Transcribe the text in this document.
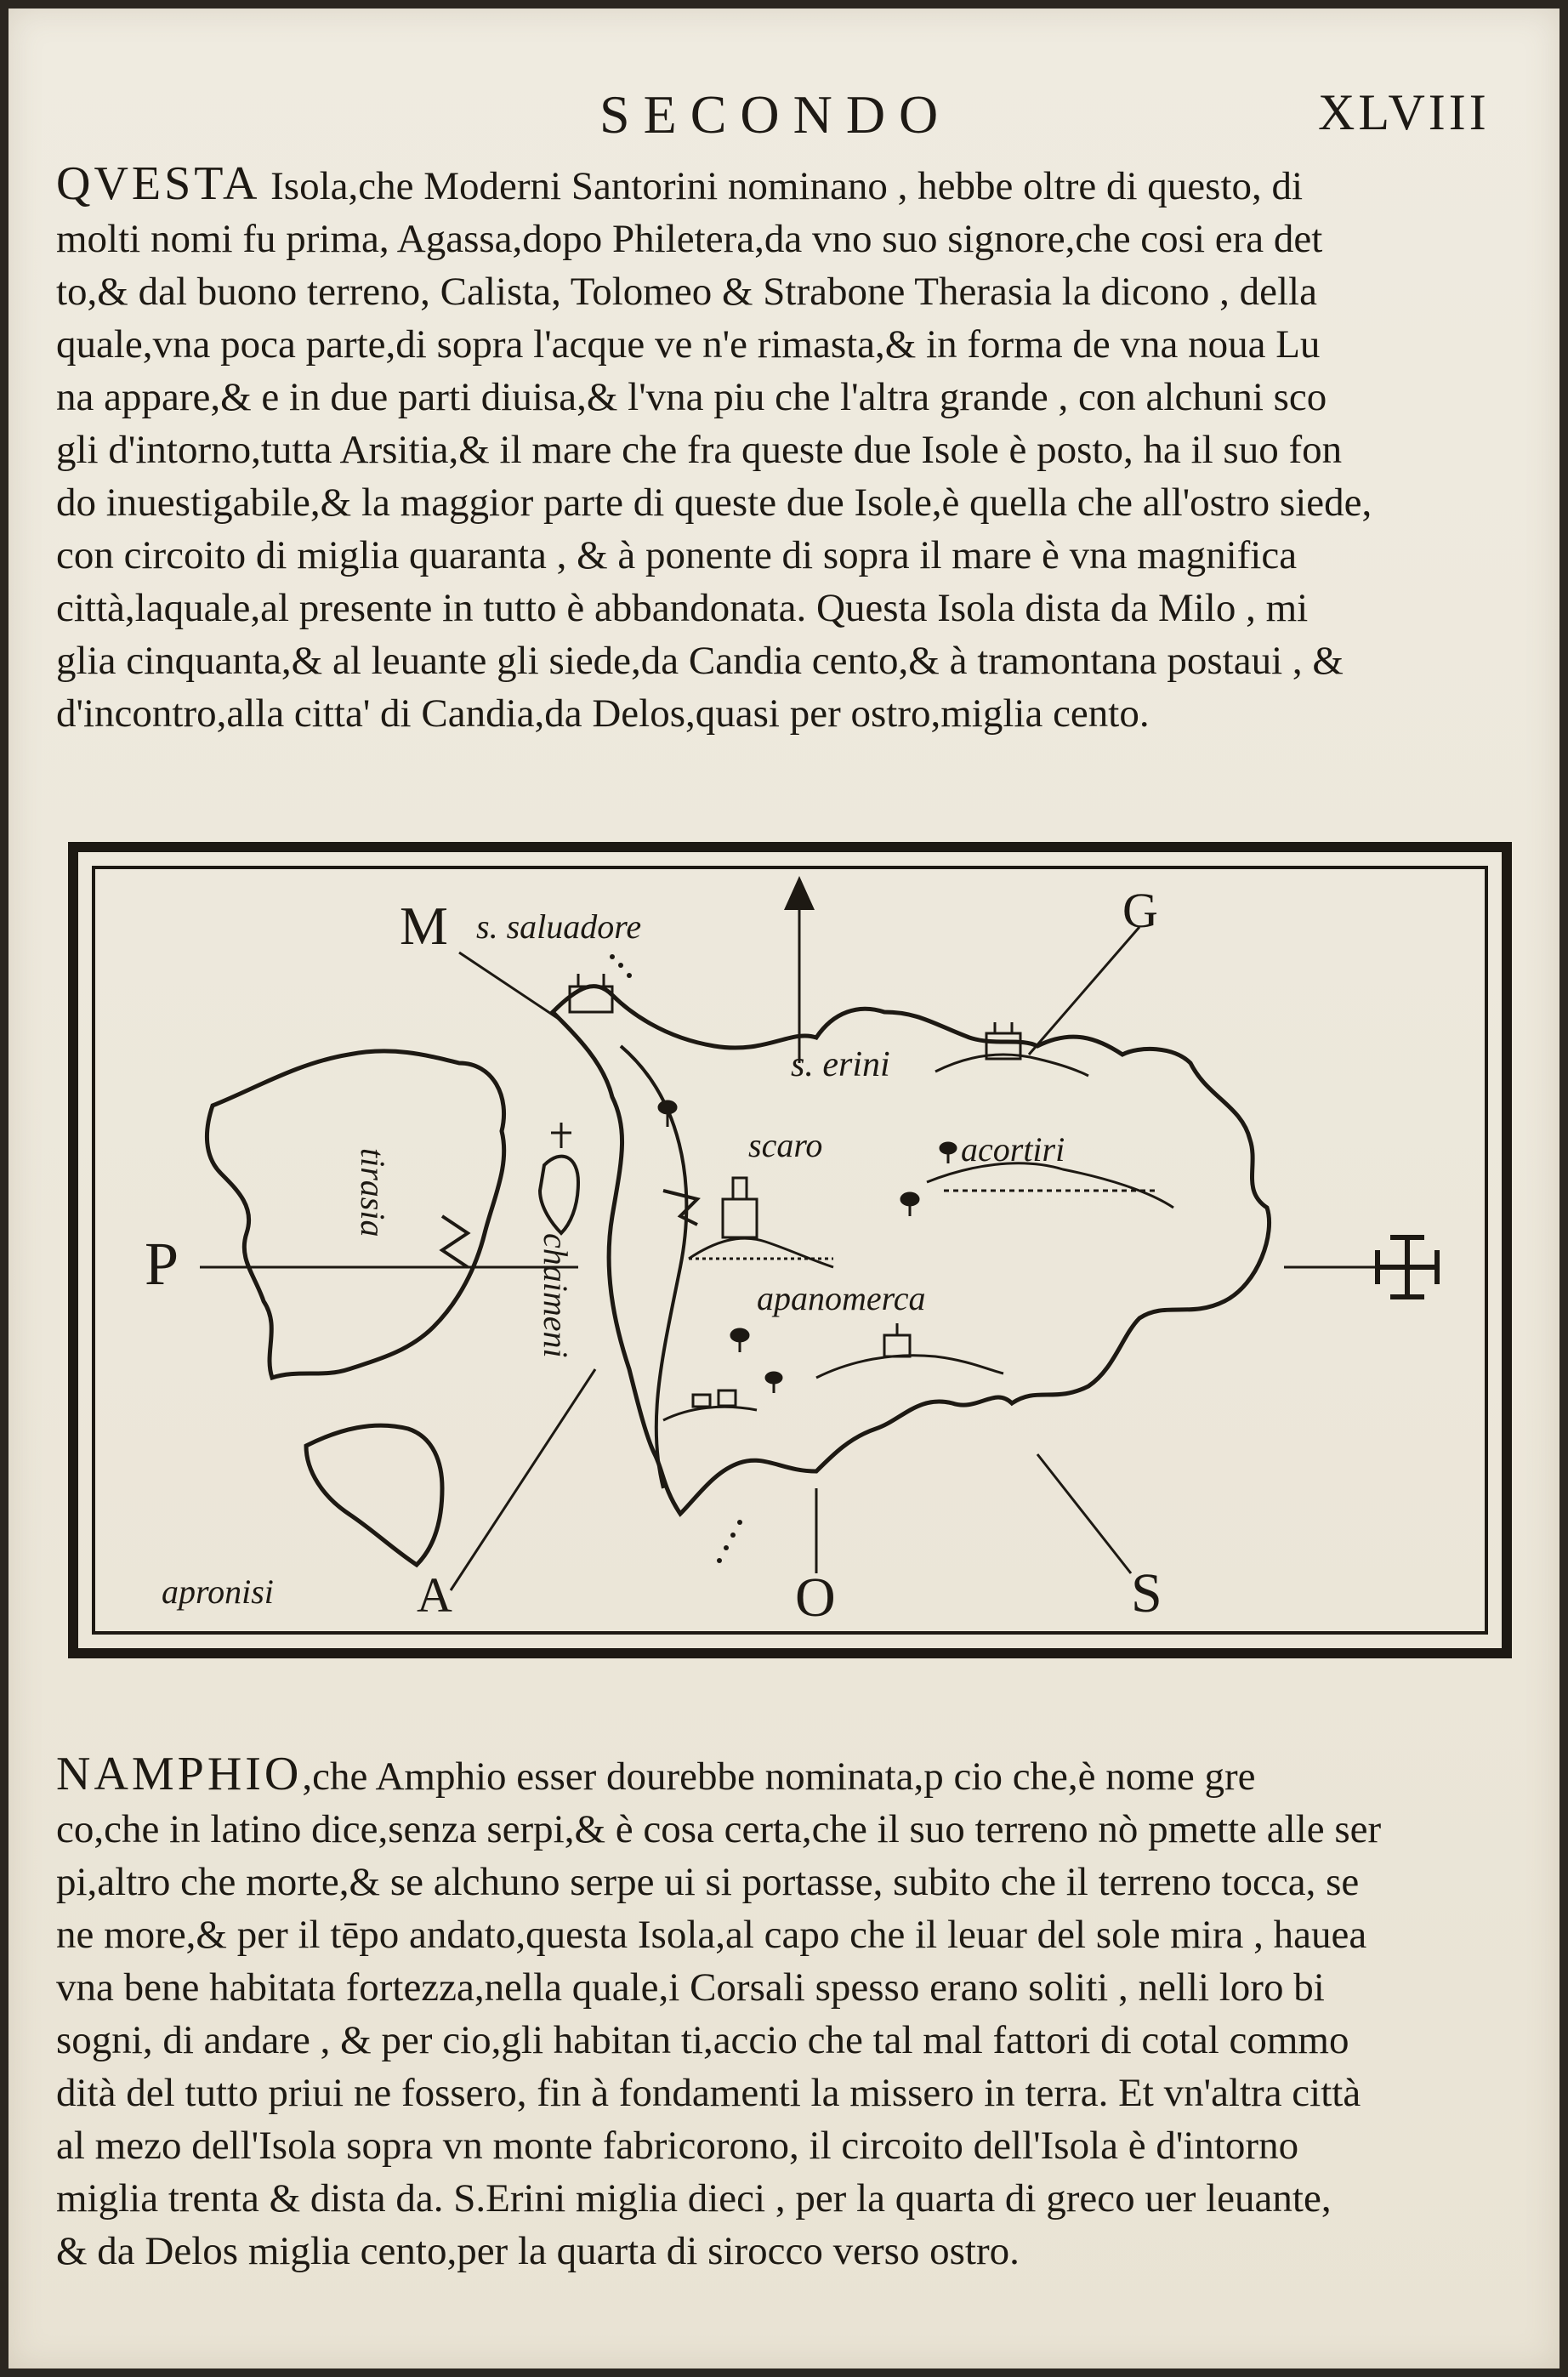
SECONDO	XLVIII
QVESTA Isola,che Moderni Santorini nominano , hebbe oltre di questo, di
molti nomi fu prima, Agassa,dopo Philetera,da vno suo signore,che cosi era det
to,& dal buono terreno, Calista, Tolomeo & Strabone Therasia la dicono , della
quale,vna poca parte,di sopra l'acque ve n'e rimasta,& in forma de vna noua Lu
na appare,& e in due parti diuisa,& l'vna piu che l'altra grande , con alchuni sco
gli d'intorno,tutta Arsitia,& il mare che fra queste due Isole è posto, ha il suo fon
do inuestigabile,& la maggior parte di queste due Isole,è quella che all'ostro siede,
con circoito di miglia quaranta , & à ponente di sopra il mare è vna magnifica
città,laquale,al presente in tutto è abbandonata. Questa Isola dista da Milo , mi
glia cinquanta,& al leuante gli siede,da Candia cento,& à tramontana postaui , &
d'incontro,alla citta' di Candia,da Delos,quasi per ostro,miglia cento.
s. saluadore
s. erini
scaro	acortiri
apanomerca
apronisi
tirasia
chaimeni
M	G
P
O	S
A
NAMPHIO,che Amphio esser dourebbe nominata,p cio che,è nome gre
co,che in latino dice,senza serpi,& è cosa certa,che il suo terreno nò pmette alle ser
pi,altro che morte,& se alchuno serpe ui si portasse, subito che il terreno tocca, se
ne more,& per il tēpo andato,questa Isola,al capo che il leuar del sole mira , hauea
vna bene habitata fortezza,nella quale,i Corsali spesso erano soliti , nelli loro bi
sogni, di andare , & per cio,gli habitan ti,accio che tal mal fattori di cotal commo
dità del tutto priui ne fossero, fin à fondamenti la missero in terra. Et vn'altra città
al mezo dell'Isola sopra vn monte fabricorono, il circoito dell'Isola è d'intorno
miglia trenta & dista da. S.Erini miglia dieci , per la quarta di greco uer leuante,
& da Delos miglia cento,per la quarta di sirocco verso ostro.
